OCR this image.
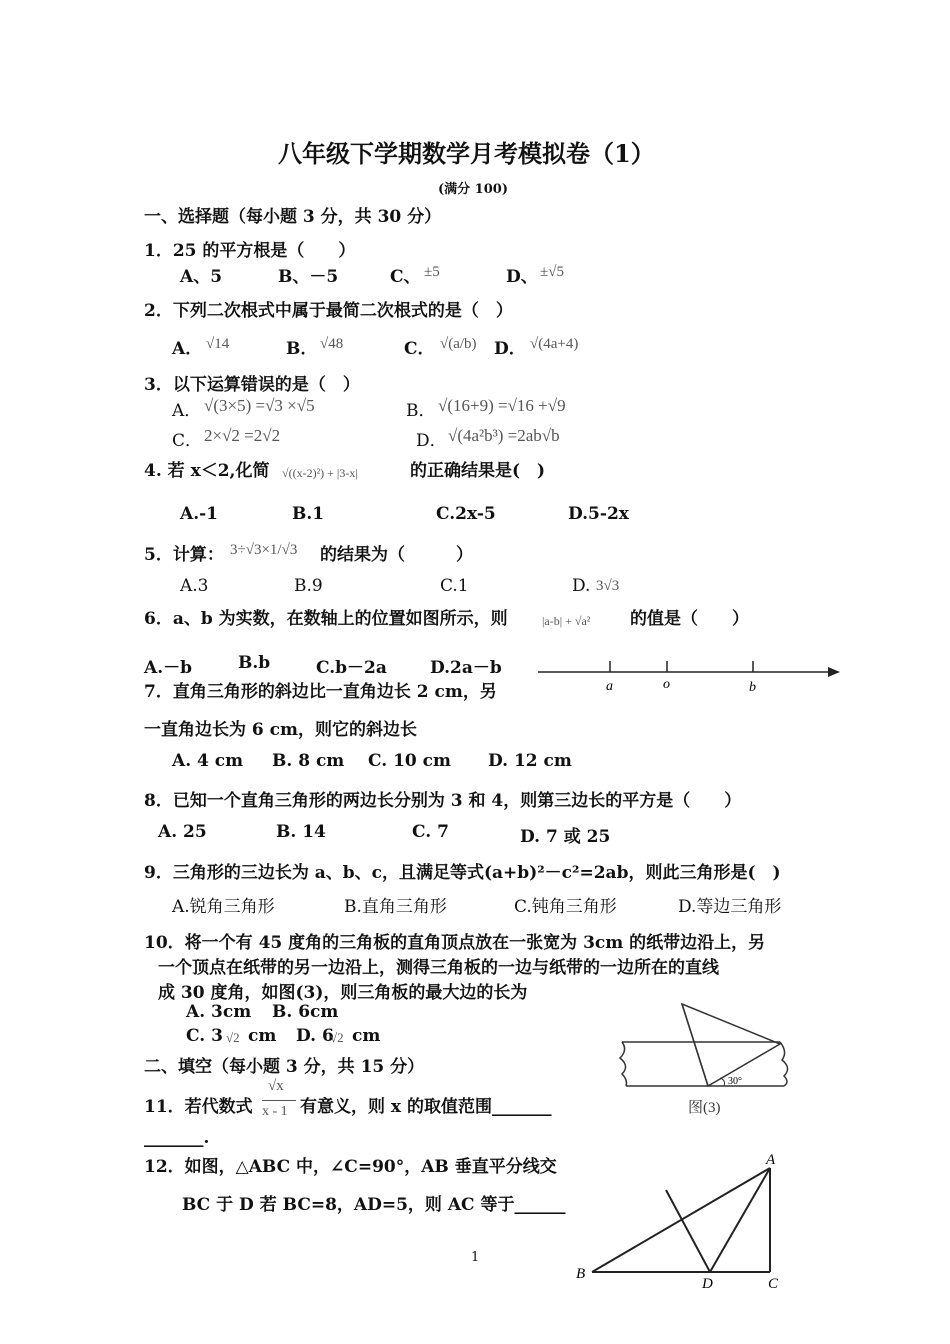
八年级下学期数学月考模拟卷（1）
(满分 100)
一、选择题（每小题 3 分，共 30 分）
1．25 的平方根是（　　）
A、5	B、－5	C、 ±5	D、 ±√5
2．下列二次根式中属于最简二次根式的是（　）
A． √14	B． √48	C． √(a/b) D． √(4a+4)
3．以下运算错误的是（　）
A． √(3×5) =√3 ×√5	B． √(16+9) =√16 +√9
C． 2×√2 =2√2	D． √(4a²b³) =2ab√b
4. 若 x＜2,化简 √((x-2)²) + |3-x|	的正确结果是(　)
A.-1	B.1	C.2x-5	D.5-2x
5．计算： 3÷√3×1/√3 的结果为（　　　）
A.3	B.9	C.1	D. 3√3
6．a、b 为实数，在数轴上的位置如图所示，则	|a-b| + √a² 的值是（　　）
A.－b	B.b	C.b－2a	D.2a－b
a	o	b
7．直角三角形的斜边比一直角边长 2 cm，另
一直角边长为 6 cm，则它的斜边长
A. 4 cm B. 8 cm C. 10 cm D. 12 cm
8．已知一个直角三角形的两边长分别为 3 和 4，则第三边长的平方是（　　）
A. 25	B. 14	C. 7	D. 7 或 25
9．三角形的三边长为 a、b、c，且满足等式(a+b)²－c²=2ab，则此三角形是(　)
A.锐角三角形	B.直角三角形	C.钝角三角形	D.等边三角形
10．将一个有 45 度角的三角板的直角顶点放在一张宽为 3cm 的纸带边沿上，另
一个顶点在纸带的另一边沿上，测得三角板的一边与纸带的一边所在的直线
成 30 度角，如图(3)，则三角板的最大边的长为
A. 3cm B. 6cm
C. 3 √2 cm D. 6
√2 cm
30°
图(3)
二、填空（每小题 3 分，共 15 分）
11．若代数式
√x
x - 1 有意义，则 x 的取值范围_______
_______.
12．如图，△ABC 中，∠C=90°，AB 垂直平分线交
BC 于 D 若 BC=8，AD=5，则 AC 等于______
A
B
C
D
1
